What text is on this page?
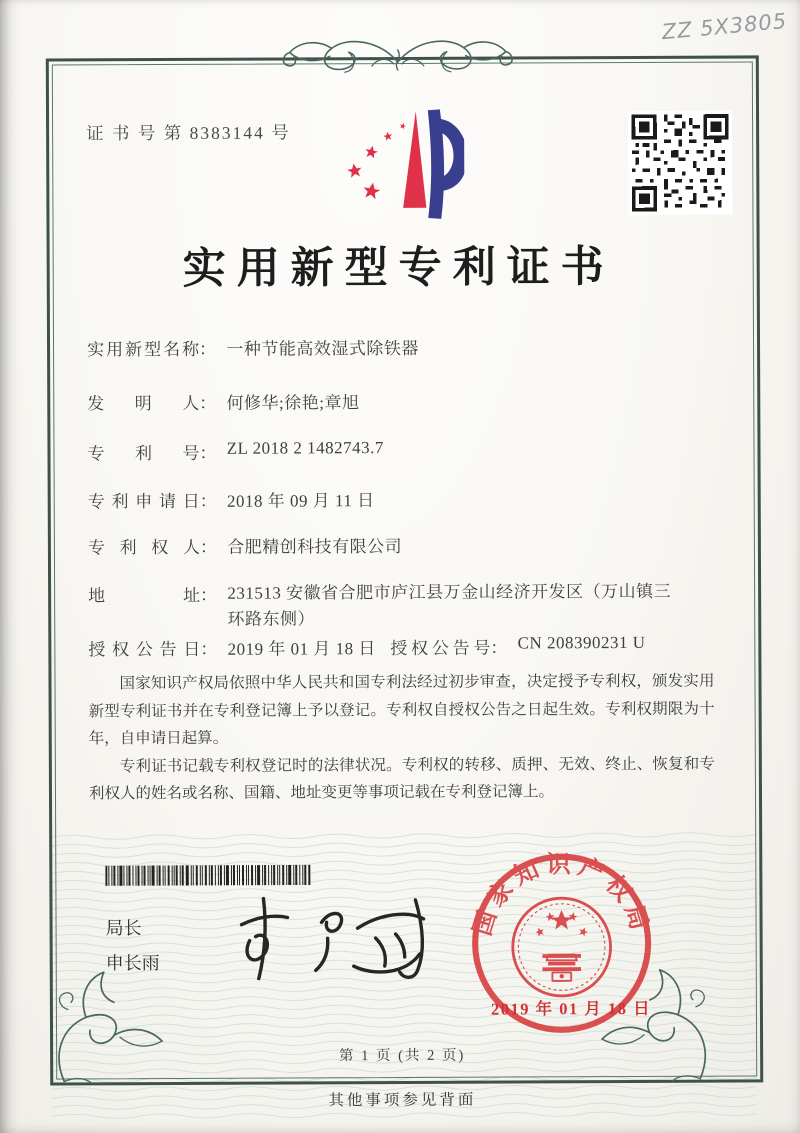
ZZ 5X3805
证 书 号 第 8383144 号
实用新型专利证书
实用新型名称： 一种节能高效湿式除铁器
发明人： 何修华;徐艳;章旭
专利号： ZL 2018 2 1482743.7
专利申请日： 2018 年 09 月 11 日
专利权人： 合肥精创科技有限公司
地址： 231513 安徽省合肥市庐江县万金山经济开发区（万山镇三环路东侧）
授权公告日： 2019 年 01 月 18 日 授权公告号： CN 208390231 U

国家知识产权局依照中华人民共和国专利法经过初步审查，决定授予专利权，颁发实用新型专利证书并在专利登记簿上予以登记。专利权自授权公告之日起生效。专利权期限为十年，自申请日起算。

专利证书记载专利权登记时的法律状况。专利权的转移、质押、无效、终止、恢复和专利权人的姓名或名称、国籍、地址变更等事项记载在专利登记簿上。

局长
申长雨
国家知识产权局
2019 年 01 月 18 日
第 1 页 (共 2 页)
其他事项参见背面
